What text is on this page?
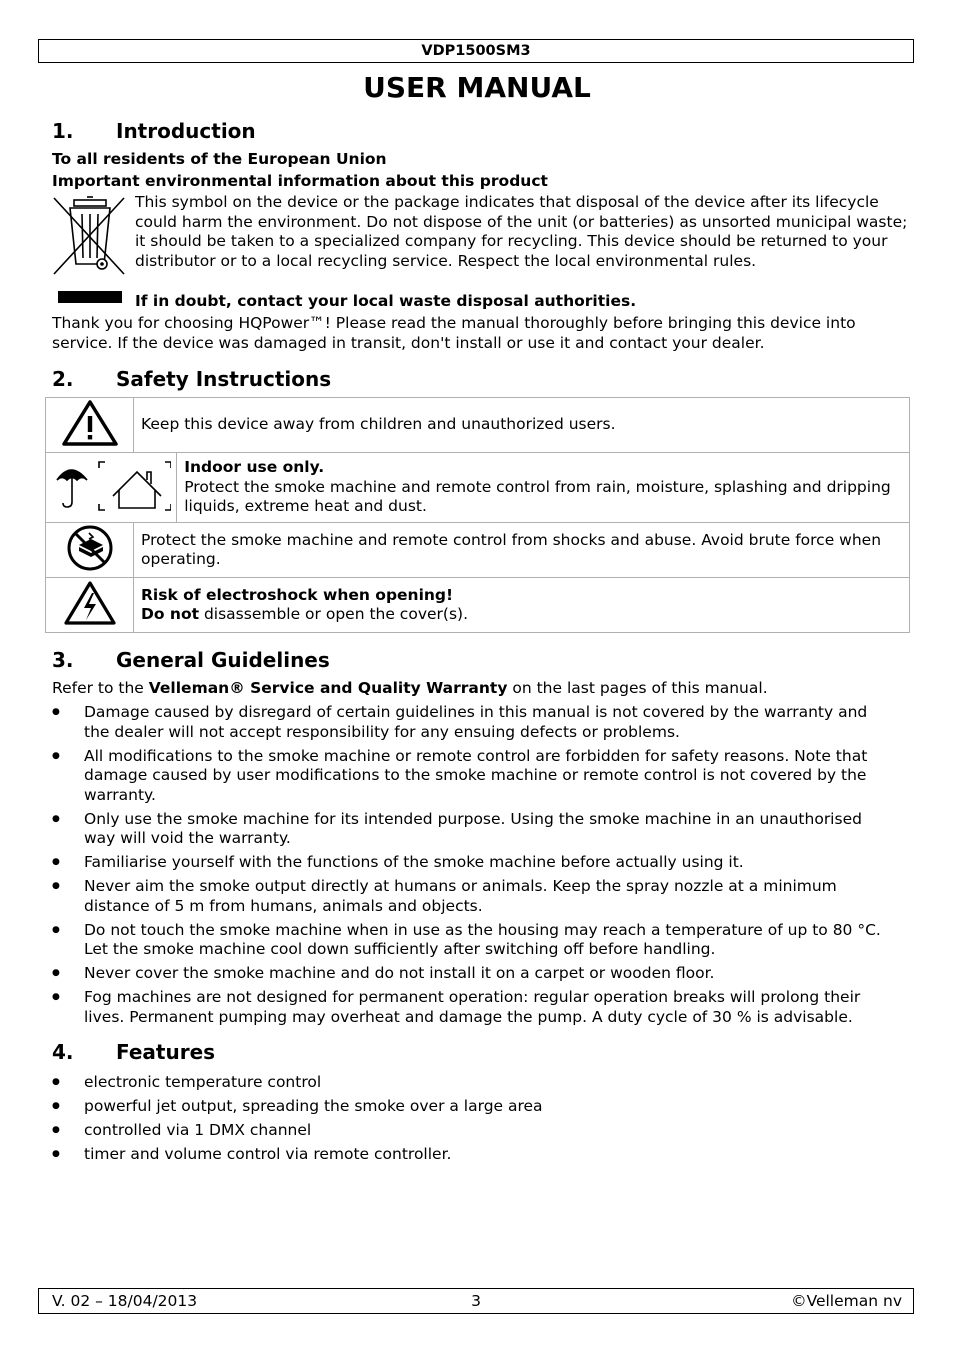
VDP1500SM3
USER MANUAL
1. Introduction
To all residents of the European Union
Important environmental information about this product
This symbol on the device or the package indicates that disposal of the device after its lifecycle could harm the environment. Do not dispose of the unit (or batteries) as unsorted municipal waste; it should be taken to a specialized company for recycling. This device should be returned to your distributor or to a local recycling service. Respect the local environmental rules.
If in doubt, contact your local waste disposal authorities.
Thank you for choosing HQPower™! Please read the manual thoroughly before bringing this device into service. If the device was damaged in transit, don't install or use it and contact your dealer.
2. Safety Instructions
	Keep this device away from children and unauthorized users.	

Indoor use only.
Protect the smoke machine and remote control from rain, moisture, splashing and dripping liquids, extreme heat and dust.

	Protect the smoke machine and remote control from shocks and abuse. Avoid brute force when operating.	

Risk of electroshock when opening!
Do not disassemble or open the cover(s).	
3. General Guidelines
Refer to the Velleman® Service and Quality Warranty on the last pages of this manual.
● Damage caused by disregard of certain guidelines in this manual is not covered by the warranty and the dealer will not accept responsibility for any ensuing defects or problems.
● All modifications to the smoke machine or remote control are forbidden for safety reasons. Note that damage caused by user modifications to the smoke machine or remote control is not covered by the warranty.
● Only use the smoke machine for its intended purpose. Using the smoke machine in an unauthorised way will void the warranty.
● Familiarise yourself with the functions of the smoke machine before actually using it.
● Never aim the smoke output directly at humans or animals. Keep the spray nozzle at a minimum distance of 5 m from humans, animals and objects.
● Do not touch the smoke machine when in use as the housing may reach a temperature of up to 80 °C. Let the smoke machine cool down sufficiently after switching off before handling.
● Never cover the smoke machine and do not install it on a carpet or wooden floor.
● Fog machines are not designed for permanent operation: regular operation breaks will prolong their lives. Permanent pumping may overheat and damage the pump. A duty cycle of 30 % is advisable.
4. Features
● electronic temperature control
● powerful jet output, spreading the smoke over a large area
● controlled via 1 DMX channel
● timer and volume control via remote controller.
V. 02 – 18/04/2013	3	©Velleman nv
